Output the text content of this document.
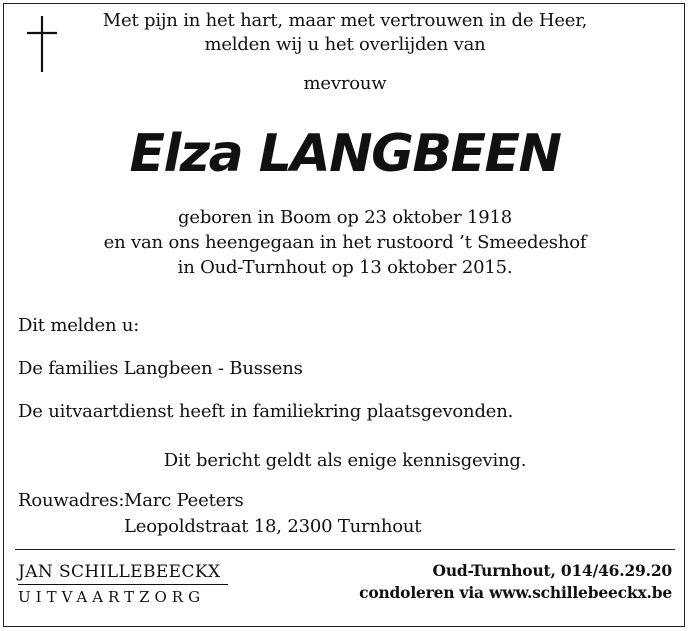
Met pijn in het hart, maar met vertrouwen in de Heer,
melden wij u het overlijden van
mevrouw
Elza LANGBEEN
geboren in Boom op 23 oktober 1918
en van ons heengegaan in het rustoord ’t Smeedeshof
in Oud-Turnhout op 13 oktober 2015.
Dit melden u:
De families Langbeen - Bussens
De uitvaartdienst heeft in familiekring plaatsgevonden.
Dit bericht geldt als enige kennisgeving.
Rouwadres: Marc Peeters
Leopoldstraat 18, 2300 Turnhout
JAN SCHILLEBEECKX
UITVAARTZORG
Oud-Turnhout, 014/46.29.20
condoleren via www.schillebeeckx.be
